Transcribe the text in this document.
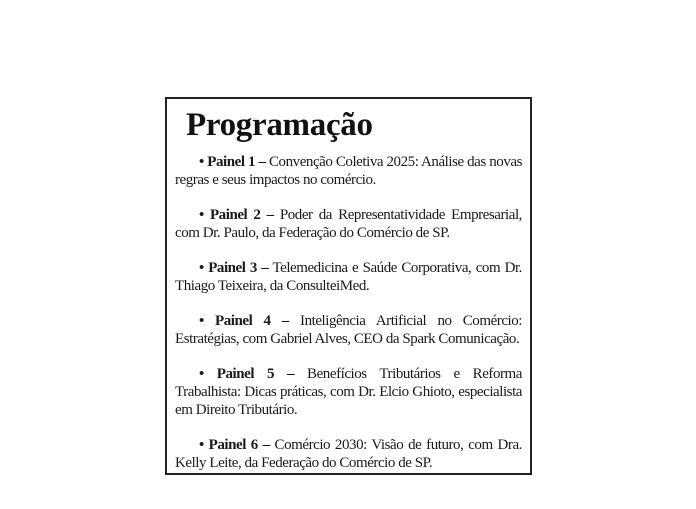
Programação

• Painel 1 – Convenção Coletiva 2025: Análise das novas regras e seus impactos no comércio.

• Painel 2 – Poder da Representatividade Empresarial, com Dr. Paulo, da Federação do Comércio de SP.

• Painel 3 – Telemedicina e Saúde Corporativa, com Dr. Thiago Teixeira, da ConsulteiMed.

• Painel 4 – Inteligência Artificial no Comércio: Estratégias, com Gabriel Alves, CEO da Spark Comunicação.

• Painel 5 – Benefícios Tributários e Reforma Trabalhista: Dicas práticas, com Dr. Elcio Ghioto, especialista em Direito Tributário.

• Painel 6 – Comércio 2030: Visão de futuro, com Dra. Kelly Leite, da Federação do Comércio de SP.
